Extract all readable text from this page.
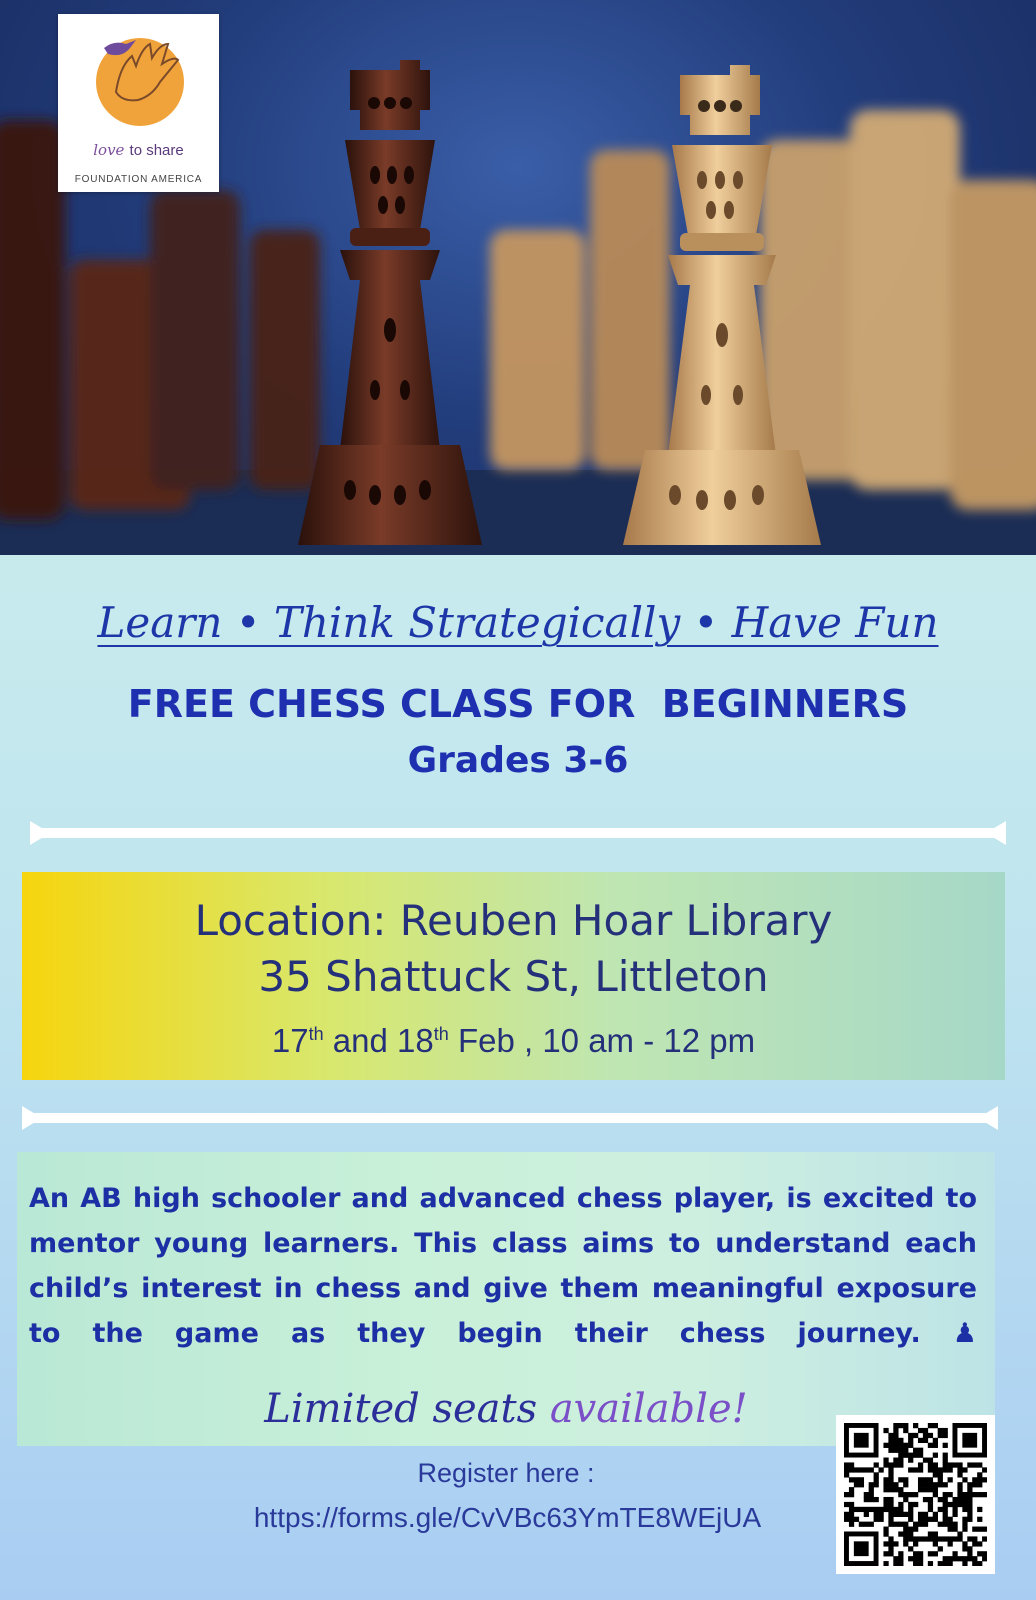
love to share
FOUNDATION AMERICA
Learn • Think Strategically • Have Fun
FREE CHESS CLASS FOR  BEGINNERS
Grades 3-6
Location: Reuben Hoar Library
35 Shattuck St, Littleton
17th and 18th Feb , 10 am - 12 pm
An AB high schooler and advanced chess player, is excited to mentor young learners. This class aims to understand each child’s interest in chess and give them meaningful exposure to the game as they begin their chess journey. ♟
Limited seats available!
Register here :
https://forms.gle/CvVBc63YmTE8WEjUA
